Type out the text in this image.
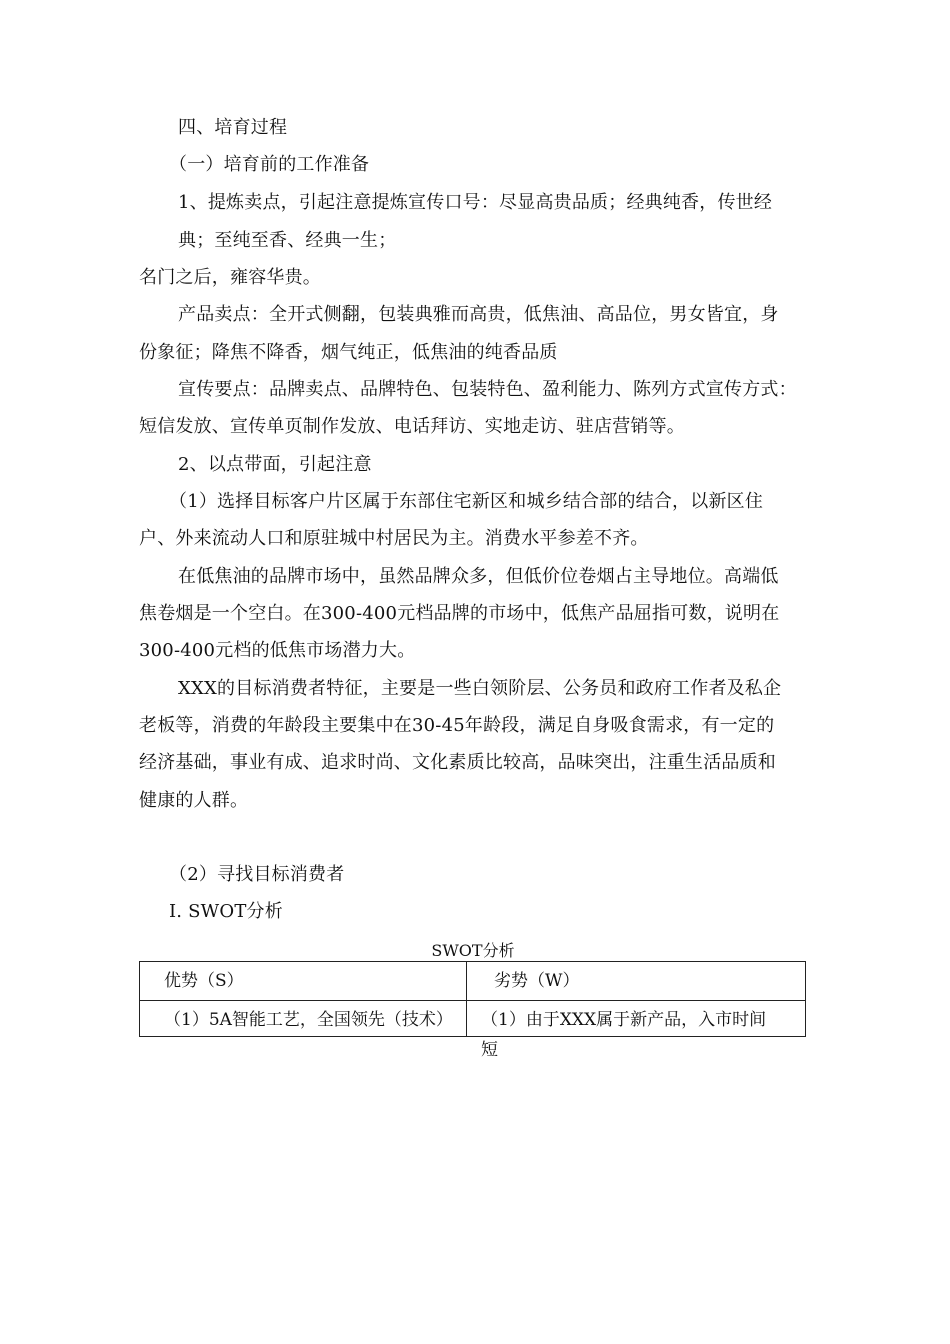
四、培育过程
（一）培育前的工作准备
1、提炼卖点，引起注意提炼宣传口号：尽显高贵品质；经典纯香，传世经
典；至纯至香、经典一生；
名门之后，雍容华贵。
产品卖点：全开式侧翻，包装典雅而高贵，低焦油、高品位，男女皆宜，身
份象征；降焦不降香，烟气纯正，低焦油的纯香品质
宣传要点：品牌卖点、品牌特色、包装特色、盈利能力、陈列方式宣传方式：
短信发放、宣传单页制作发放、电话拜访、实地走访、驻店营销等。
2、以点带面，引起注意
（1）选择目标客户片区属于东部住宅新区和城乡结合部的结合，以新区住
户、外来流动人口和原驻城中村居民为主。消费水平参差不齐。
在低焦油的品牌市场中，虽然品牌众多，但低价位卷烟占主导地位。高端低
焦卷烟是一个空白。在300-400元档品牌的市场中，低焦产品屈指可数，说明在
300-400元档的低焦市场潜力大。
XXX的目标消费者特征，主要是一些白领阶层、公务员和政府工作者及私企
老板等，消费的年龄段主要集中在30-45年龄段，满足自身吸食需求，有一定的
经济基础，事业有成、追求时尚、文化素质比较高，品味突出，注重生活品质和
健康的人群。
（2）寻找目标消费者
I. SWOT分析
SWOT分析
优势（S）	劣势（W）
（1）5A智能工艺，全国领先（技术） （1）由于XXX属于新产品，入市时间短
